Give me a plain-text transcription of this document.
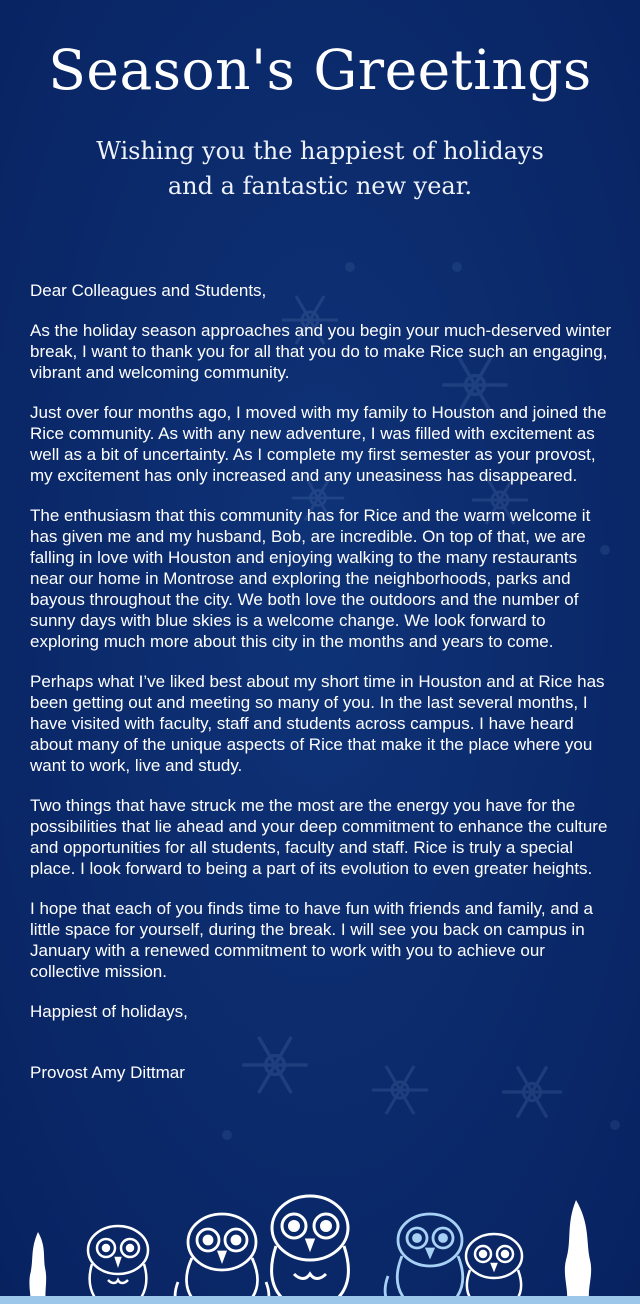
Season's Greetings
Wishing you the happiest of holidays
and a fantastic new year.

Dear Colleagues and Students,

As the holiday season approaches and you begin your much-deserved winter break, I want to thank you for all that you do to make Rice such an engaging, vibrant and welcoming community.

Just over four months ago, I moved with my family to Houston and joined the Rice community. As with any new adventure, I was filled with excitement as well as a bit of uncertainty. As I complete my first semester as your provost, my excitement has only increased and any uneasiness has disappeared.

The enthusiasm that this community has for Rice and the warm welcome it has given me and my husband, Bob, are incredible. On top of that, we are falling in love with Houston and enjoying walking to the many restaurants near our home in Montrose and exploring the neighborhoods, parks and bayous throughout the city. We both love the outdoors and the number of sunny days with blue skies is a welcome change. We look forward to exploring much more about this city in the months and years to come.

Perhaps what I’ve liked best about my short time in Houston and at Rice has been getting out and meeting so many of you. In the last several months, I have visited with faculty, staff and students across campus. I have heard about many of the unique aspects of Rice that make it the place where you want to work, live and study.

Two things that have struck me the most are the energy you have for the possibilities that lie ahead and your deep commitment to enhance the culture and opportunities for all students, faculty and staff. Rice is truly a special place. I look forward to being a part of its evolution to even greater heights.

I hope that each of you finds time to have fun with friends and family, and a little space for yourself, during the break. I will see you back on campus in January with a renewed commitment to work with you to achieve our collective mission.

Happiest of holidays,

Provost Amy Dittmar
